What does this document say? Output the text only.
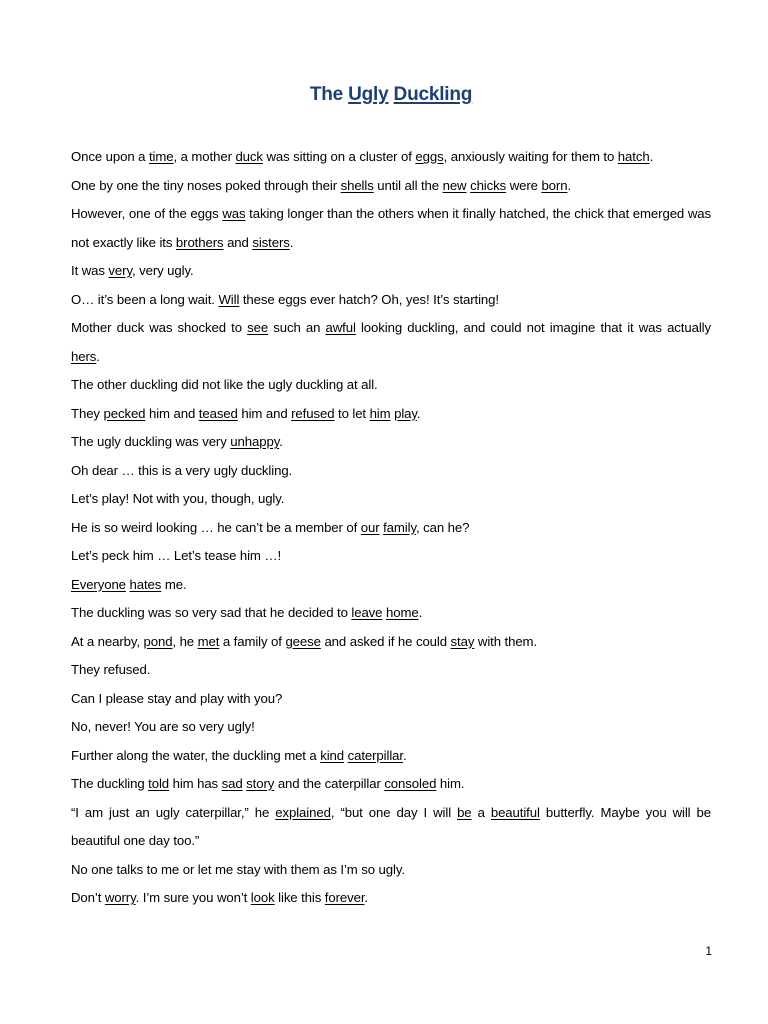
The Ugly Duckling

Once upon a time, a mother duck was sitting on a cluster of eggs, anxiously waiting for them to hatch.

One by one the tiny noses poked through their shells until all the new chicks were born.

However, one of the eggs was taking longer than the others when it finally hatched, the chick that emerged was not exactly like its brothers and sisters.

It was very, very ugly.

O… it’s been a long wait. Will these eggs ever hatch? Oh, yes! It’s starting!

Mother duck was shocked to see such an awful looking duckling, and could not imagine that it was actually hers.

The other duckling did not like the ugly duckling at all.

They pecked him and teased him and refused to let him play.

The ugly duckling was very unhappy.

Oh dear … this is a very ugly duckling.

Let’s play! Not with you, though, ugly.

He is so weird looking … he can’t be a member of our family, can he?

Let’s peck him … Let’s tease him …!

Everyone hates me.

The duckling was so very sad that he decided to leave home.

At a nearby, pond, he met a family of geese and asked if he could stay with them.

They refused.

Can I please stay and play with you?

No, never! You are so very ugly!

Further along the water, the duckling met a kind caterpillar.

The duckling told him has sad story and the caterpillar consoled him.

“I am just an ugly caterpillar,” he explained, “but one day I will be a beautiful butterfly. Maybe you will be beautiful one day too.”

No one talks to me or let me stay with them as I’m so ugly.

Don’t worry. I’m sure you won’t look like this forever.

1
